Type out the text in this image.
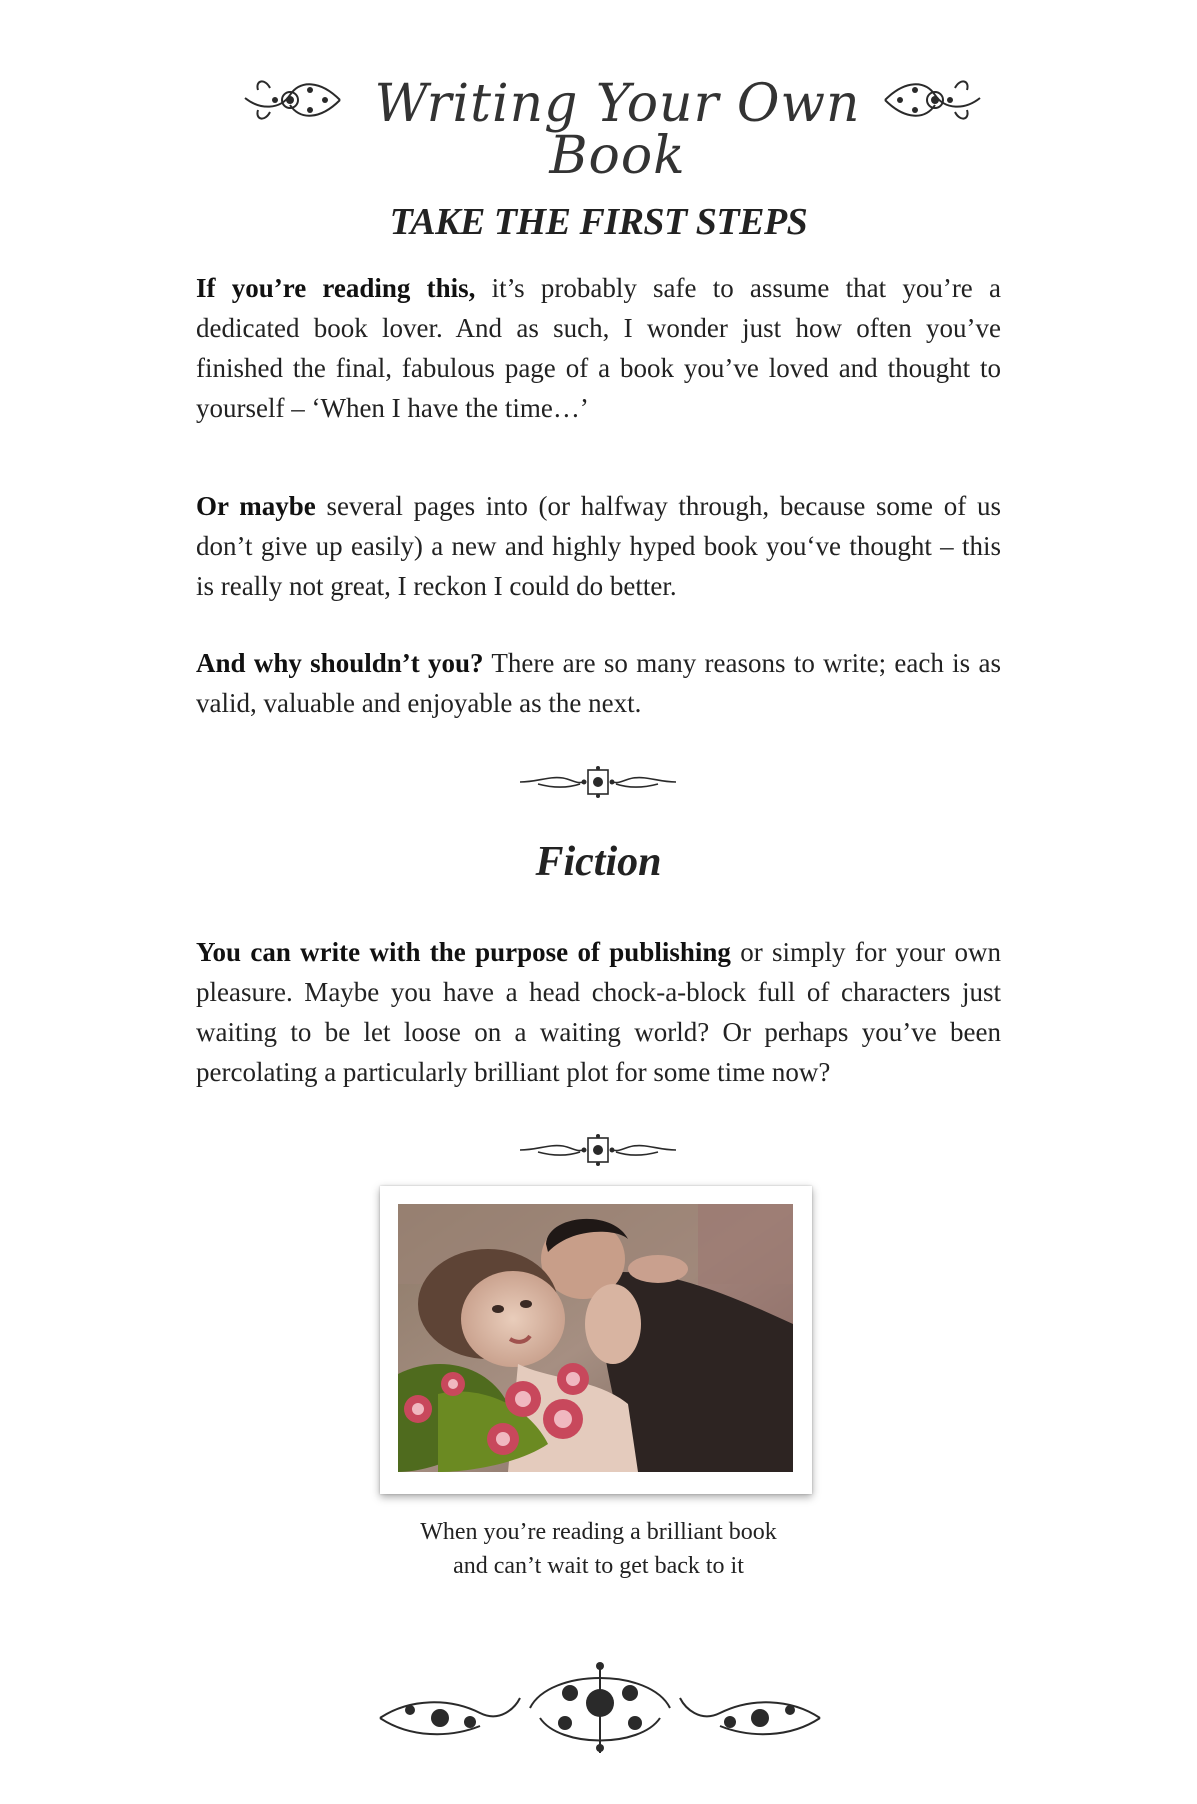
Writing Your Own Book
TAKE THE FIRST STEPS

If you’re reading this, it’s probably safe to assume that you’re a dedicated book lover. And as such, I wonder just how often you’ve finished the final, fabulous page of a book you’ve loved and thought to yourself – ‘When I have the time…’

Or maybe several pages into (or halfway through, because some of us don’t give up easily) a new and highly hyped book you‘ve thought – this is really not great, I reckon I could do better.

And why shouldn’t you? There are so many reasons to write; each is as valid, valuable and enjoyable as the next.

Fiction

You can write with the purpose of publishing or simply for your own pleasure. Maybe you have a head chock-a-block full of characters just waiting to be let loose on a waiting world? Or perhaps you’ve been percolating a particularly brilliant plot for some time now?

When you’re reading a brilliant book
and can’t wait to get back to it
